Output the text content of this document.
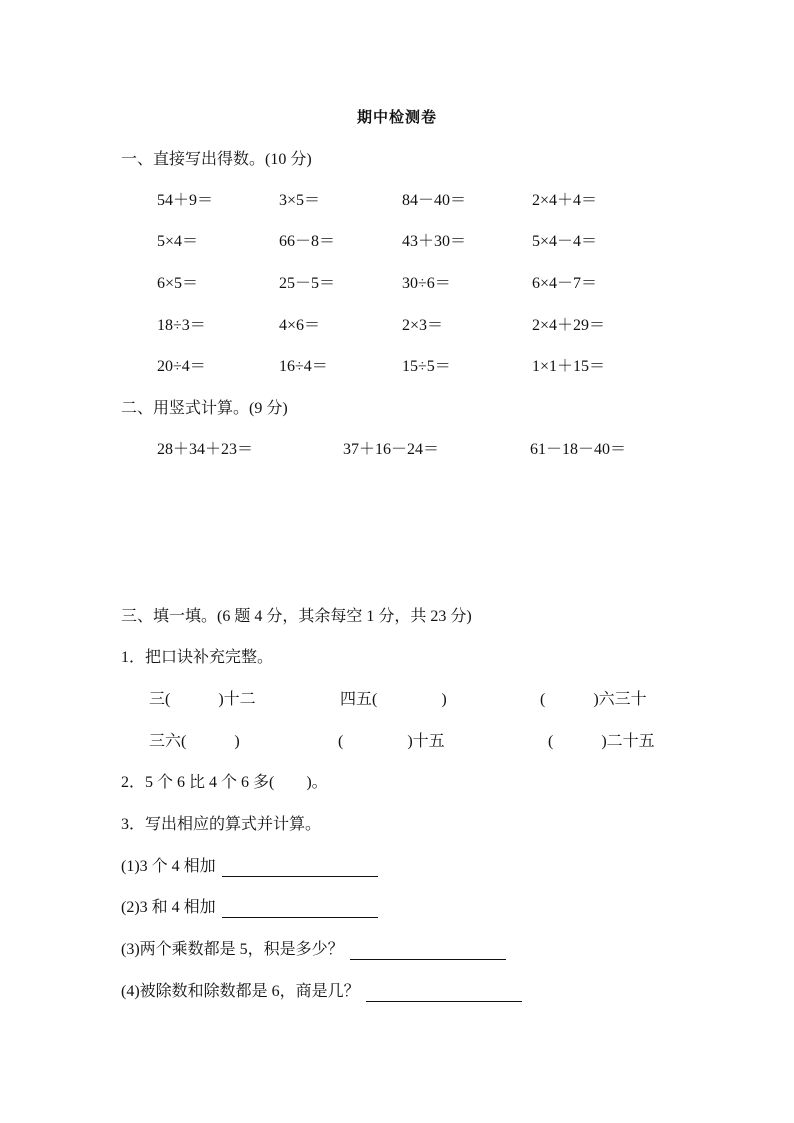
期中检测卷
一、直接写出得数。(10 分)
54＋9＝	3×5＝	84－40＝	2×4＋4＝
5×4＝	66－8＝	43＋30＝	5×4－4＝
6×5＝	25－5＝	30÷6＝	6×4－7＝
18÷3＝	4×6＝	2×3＝	2×4＋29＝
20÷4＝	16÷4＝	15÷5＝	1×1＋15＝
二、用竖式计算。(9 分)
28＋34＋23＝	37＋16－24＝	61－18－40＝
三、填一填。(6 题 4 分，其余每空 1 分，共 23 分)
1．把口诀补充完整。
三(　　　)十二	四五(　　　　)	(　　　)六三十
三六(　　　)	(　　　　)十五	(　　　)二十五
2．5 个 6 比 4 个 6 多(　　)。
3．写出相应的算式并计算。
(1)3 个 4 相加
(2)3 和 4 相加
(3)两个乘数都是 5，积是多少？
(4)被除数和除数都是 6，商是几？
